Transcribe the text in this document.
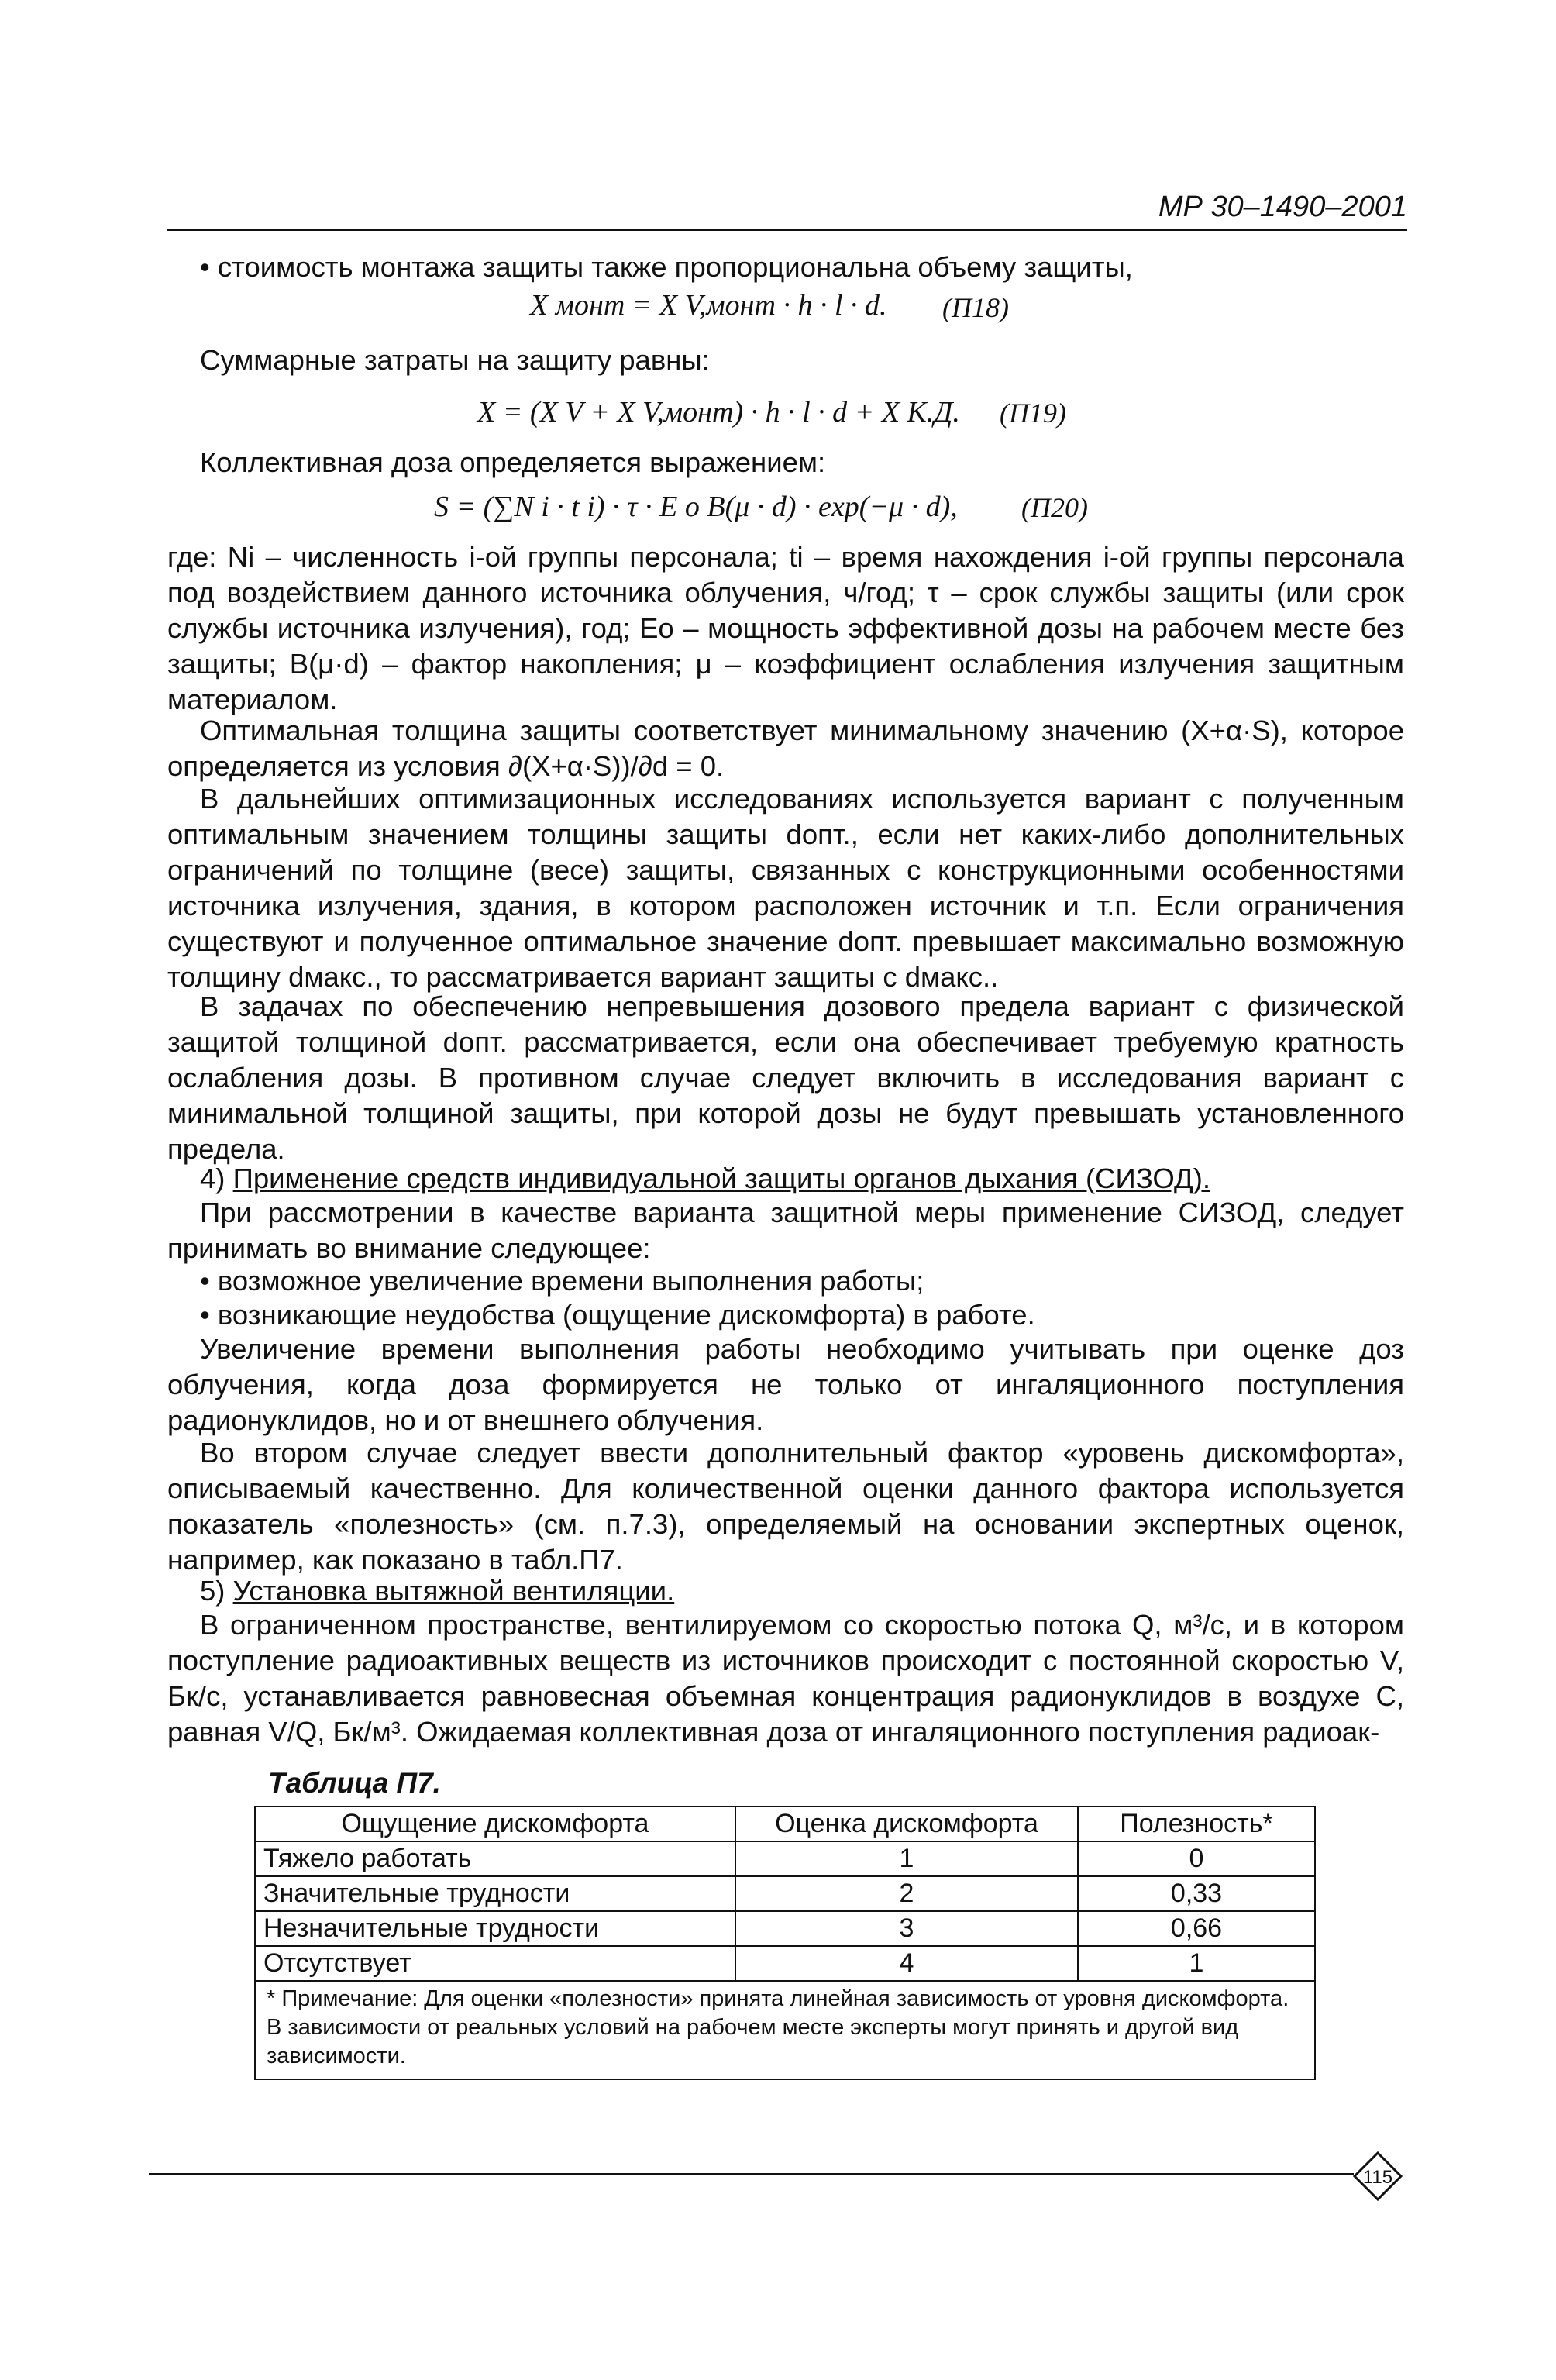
МР 30–1490–2001

• стоимость монтажа защиты также пропорциональна объему защиты,

X монт = X V,монт · h · l · d. (П18)

Суммарные затраты на защиту равны:

X = (X V + X V,монт) · h · l · d + X К.Д. (П19)

Коллективная доза определяется выражением:

S = (∑N i · t i) · τ · E o B(μ · d) · exp(−μ · d), (П20)

где: Ni – численность i-ой группы персонала; ti – время нахождения i-ой группы персонала под воздействием данного источника облучения, ч/год; τ – срок службы защиты (или срок службы источника излучения), год; Eo – мощность эффективной дозы на рабочем месте без защиты; B(μ·d) – фактор накопления; μ – коэффициент ослабления излучения защитным материалом.

Оптимальная толщина защиты соответствует минимальному значению (X+α·S), которое определяется из условия ∂(X+α·S))/∂d = 0.

В дальнейших оптимизационных исследованиях используется вариант с полученным оптимальным значением толщины защиты dопт., если нет каких-либо дополнительных ограничений по толщине (весе) защиты, связанных с конструкционными особенностями источника излучения, здания, в котором расположен источник и т.п. Если ограничения существуют и полученное оптимальное значение dопт. превышает максимально возможную толщину dмакс., то рассматривается вариант защиты с dмакс..

В задачах по обеспечению непревышения дозового предела вариант с физической защитой толщиной dопт. рассматривается, если она обеспечивает требуемую кратность ослабления дозы. В противном случае следует включить в исследования вариант с минимальной толщиной защиты, при которой дозы не будут превышать установленного предела.

4) Применение средств индивидуальной защиты органов дыхания (СИЗОД).

При рассмотрении в качестве варианта защитной меры применение СИЗОД, следует принимать во внимание следующее:

• возможное увеличение времени выполнения работы;

• возникающие неудобства (ощущение дискомфорта) в работе.

Увеличение времени выполнения работы необходимо учитывать при оценке доз облучения, когда доза формируется не только от ингаляционного поступления радионуклидов, но и от внешнего облучения.

Во втором случае следует ввести дополнительный фактор «уровень дискомфорта», описываемый качественно. Для количественной оценки данного фактора используется показатель «полезность» (см. п.7.3), определяемый на основании экспертных оценок, например, как показано в табл.П7.

5) Установка вытяжной вентиляции.

В ограниченном пространстве, вентилируемом со скоростью потока Q, м³/с, и в котором поступление радиоактивных веществ из источников происходит с постоянной скоростью V, Бк/с, устанавливается равновесная объемная концентрация радионуклидов в воздухе C, равная V/Q, Бк/м³. Ожидаемая коллективная доза от ингаляционного поступления радиоак-

Таблица П7.
Ощущение дискомфорта	Оценка дискомфорта	Полезность*
Тяжело работать	1	0
Значительные трудности	2	0,33
Незначительные трудности	3	0,66
Отсутствует	4	1
* Примечание: Для оценки «полезности» принята линейная зависимость от уровня дискомфорта. В зависимости от реальных условий на рабочем месте эксперты могут принять и другой вид зависимости.		
115
